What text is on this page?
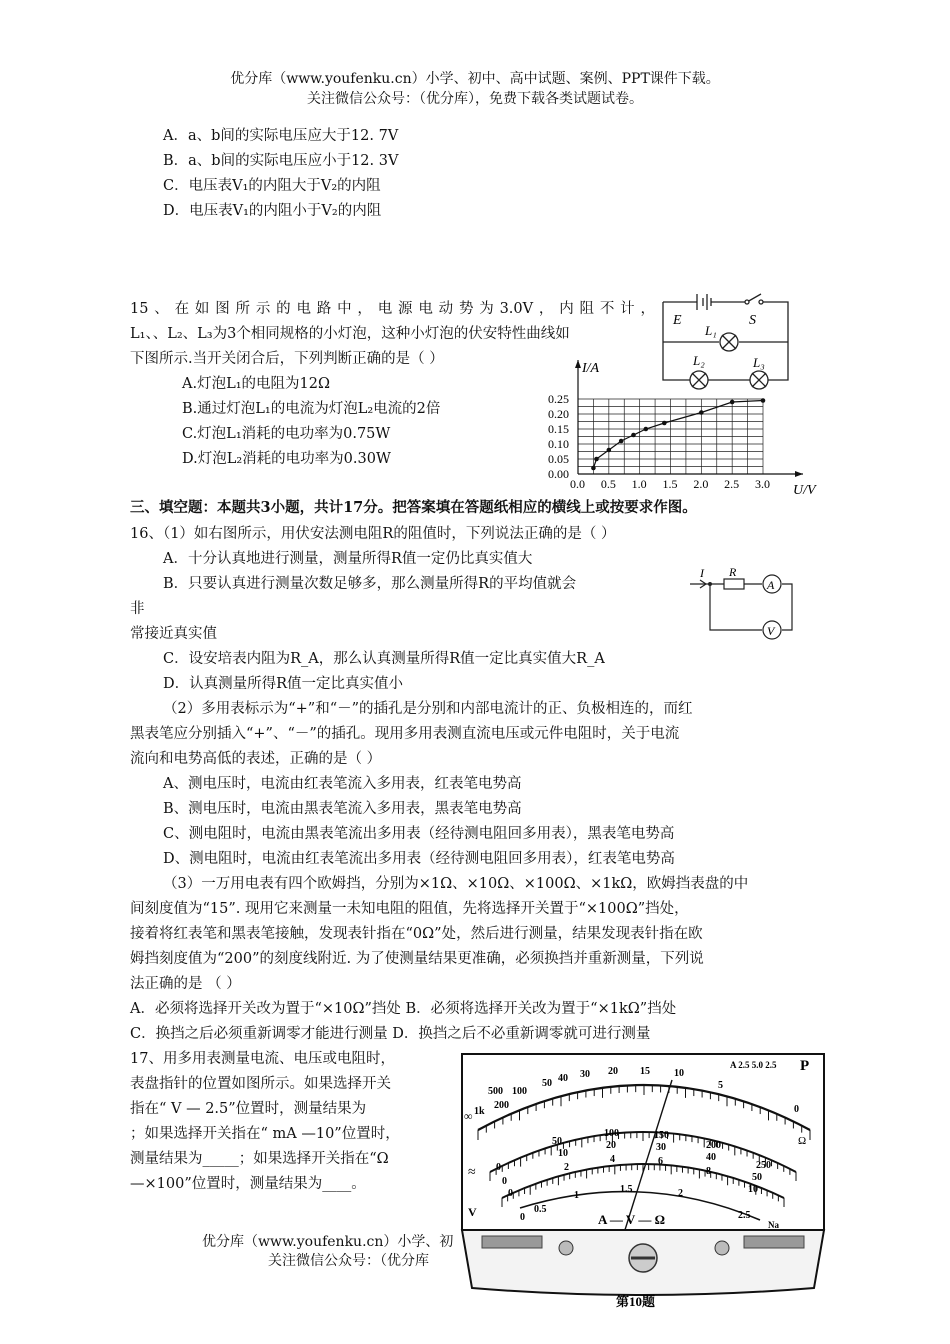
优分库（www.youfenku.cn）小学、初中、高中试题、案例、PPT课件下载。
关注微信公众号：（优分库），免费下载各类试题试卷。
A．a、b间的实际电压应大于12. 7V
B．a、b间的实际电压应小于12. 3V
C．电压表V₁的内阻大于V₂的内阻
D．电压表V₁的内阻小于V₂的内阻
15、在如图所示的电路中，电源电动势为3.0V，内阻不计，
L₁、、L₂、L₃为3个相同规格的小灯泡，这种小灯泡的伏安特性曲线如
下图所示.当开关闭合后，下列判断正确的是（ ）
A.灯泡L₁的电阻为12Ω
B.通过灯泡L₁的电流为灯泡L₂电流的2倍
C.灯泡L₁消耗的电功率为0.75W
D.灯泡L₂消耗的电功率为0.30W
E	S
L₁
L₂	L₃
0.0 0.5 1.0 1.5 2.0 2.5 3.0
0.00
0.05
0.10
0.15
0.20
0.25
I/A
U/V
三、填空题：本题共3小题，共计17分。把答案填在答题纸相应的横线上或按要求作图。
16、（1）如右图所示，用伏安法测电阻R的阻值时，下列说法正确的是（ ）
A．十分认真地进行测量，测量所得R值一定仍比真实值大
B．只要认真进行测量次数足够多，那么测量所得R的平均值就会
非
常接近真实值
C．设安培表内阻为R_A，那么认真测量所得R值一定比真实值大R_A
D．认真测量所得R值一定比真实值小
I R
A
V
（2）多用表标示为“+”和“－”的插孔是分别和内部电流计的正、负极相连的，而红
黑表笔应分别插入“+”、“－”的插孔。现用多用表测直流电压或元件电阻时，关于电流
流向和电势高低的表述，正确的是（ ）
A、测电压时，电流由红表笔流入多用表，红表笔电势高
B、测电压时，电流由黑表笔流入多用表，黑表笔电势高
C、测电阻时，电流由黑表笔流出多用表（经待测电阻回多用表），黑表笔电势高
D、测电阻时，电流由红表笔流出多用表（经待测电阻回多用表），红表笔电势高
（3）一万用电表有四个欧姆挡，分别为×1Ω、×10Ω、×100Ω、×1kΩ，欧姆挡表盘的中
间刻度值为“15”. 现用它来测量一未知电阻的阻值，先将选择开关置于“×100Ω”挡处，
接着将红表笔和黑表笔接触，发现表针指在“0Ω”处，然后进行测量，结果发现表针指在欧
姆挡刻度值为“200”的刻度线附近. 为了使测量结果更准确，必须换挡并重新测量，下列说
法正确的是 （ ）
A．必须将选择开关改为置于“×10Ω”挡处 B．必须将选择开关改为置于“×1kΩ”挡处
C．换挡之后必须重新调零才能进行测量 D．换挡之后不必重新调零就可进行测量
17、用多用表测量电流、电压或电阻时，
表盘指针的位置如图所示。如果选择开关
指在“ V — 2.5”位置时，测量结果为
；如果选择开关指在“ mA —10”位置时，
测量结果为_____；如果选择开关指在“Ω
—×100”位置时，测量结果为____。
1k
500
200
100
50 40 30 20 15 10
5
0
0
50
100	150
200
250
0
10
20	30
40
50
0
2
4	6
8
10
0
0.5
1
1.5	2
2.5
A — V — Ω	Na
A 2.5 5.0 2.5 P
Ω
≈
V
∞
第10题
优分库（www.youfenku.cn）小学、初
关注微信公众号：（优分库
